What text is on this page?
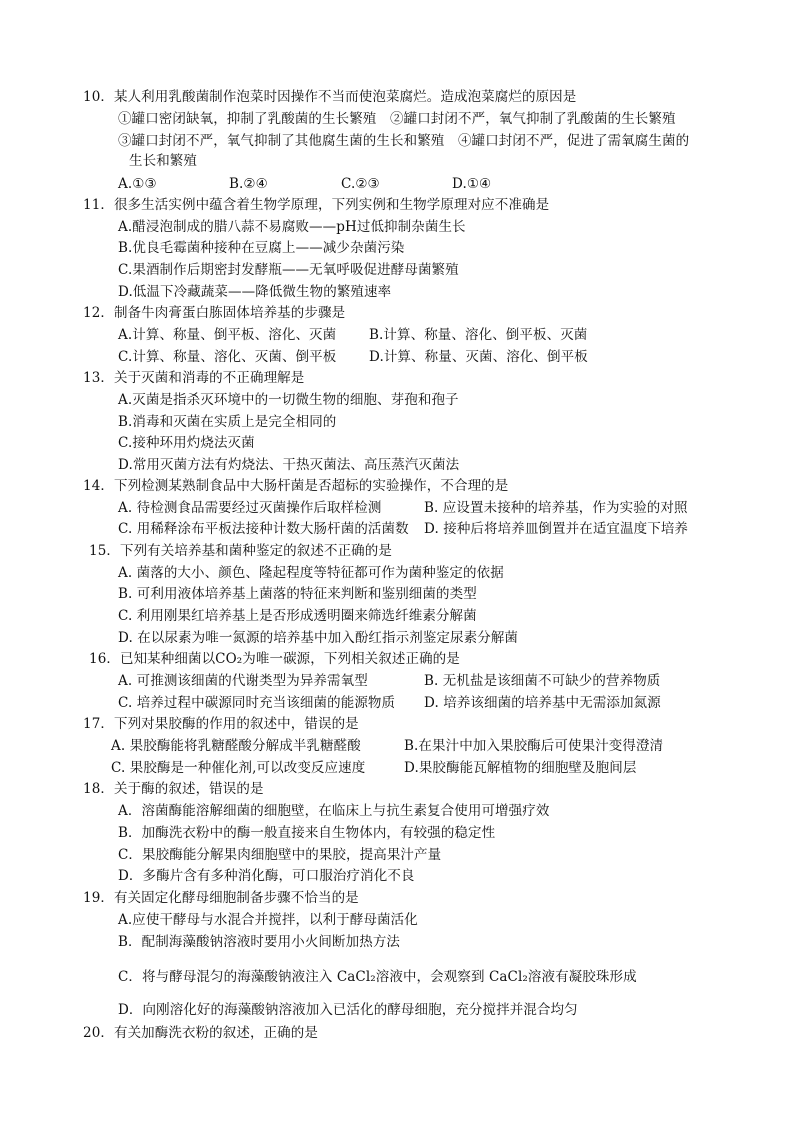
10．某人利用乳酸菌制作泡菜时因操作不当而使泡菜腐烂。造成泡菜腐烂的原因是
①罐口密闭缺氧，抑制了乳酸菌的生长繁殖　②罐口封闭不严，氧气抑制了乳酸菌的生长繁殖
③罐口封闭不严，氧气抑制了其他腐生菌的生长和繁殖　④罐口封闭不严，促进了需氧腐生菌的
生长和繁殖
A.①③	B.②④	C.②③	D.①④
11．很多生活实例中蕴含着生物学原理，下列实例和生物学原理对应不准确是
A.醋浸泡制成的腊八蒜不易腐败——pH过低抑制杂菌生长
B.优良毛霉菌种接种在豆腐上——减少杂菌污染
C.果酒制作后期密封发酵瓶——无氧呼吸促进酵母菌繁殖
D.低温下冷藏蔬菜——降低微生物的繁殖速率
12．制备牛肉膏蛋白胨固体培养基的步骤是
A.计算、称量、倒平板、溶化、灭菌 B.计算、称量、溶化、倒平板、灭菌
C.计算、称量、溶化、灭菌、倒平板 D.计算、称量、灭菌、溶化、倒平板
13．关于灭菌和消毒的不正确理解是
A.灭菌是指杀灭环境中的一切微生物的细胞、芽孢和孢子
B.消毒和灭菌在实质上是完全相同的
C.接种环用灼烧法灭菌
D.常用灭菌方法有灼烧法、干热灭菌法、高压蒸汽灭菌法
14．下列检测某熟制食品中大肠杆菌是否超标的实验操作，不合理的是
A. 待检测食品需要经过灭菌操作后取样检测	B. 应设置未接种的培养基，作为实验的对照
C. 用稀释涂布平板法接种计数大肠杆菌的活菌数 D. 接种后将培养皿倒置并在适宜温度下培养
15．下列有关培养基和菌种鉴定的叙述不正确的是
A. 菌落的大小、颜色、隆起程度等特征都可作为菌种鉴定的依据
B. 可利用液体培养基上菌落的特征来判断和鉴别细菌的类型
C. 利用刚果红培养基上是否形成透明圈来筛选纤维素分解菌
D. 在以尿素为唯一氮源的培养基中加入酚红指示剂鉴定尿素分解菌
16．已知某种细菌以CO₂为唯一碳源，下列相关叙述正确的是
A. 可推测该细菌的代谢类型为异养需氧型	B. 无机盐是该细菌不可缺少的营养物质
C. 培养过程中碳源同时充当该细菌的能源物质 D. 培养该细菌的培养基中无需添加氮源
17．下列对果胶酶的作用的叙述中，错误的是
A. 果胶酶能将乳糖醛酸分解成半乳糖醛酸	B.在果汁中加入果胶酶后可使果汁变得澄清
C. 果胶酶是一种催化剂,可以改变反应速度	D.果胶酶能瓦解植物的细胞壁及胞间层
18．关于酶的叙述，错误的是
A．溶菌酶能溶解细菌的细胞壁，在临床上与抗生素复合使用可增强疗效
B．加酶洗衣粉中的酶一般直接来自生物体内，有较强的稳定性
C．果胶酶能分解果肉细胞壁中的果胶，提高果汁产量
D．多酶片含有多种消化酶，可口服治疗消化不良
19．有关固定化酵母细胞制备步骤不恰当的是
A.应使干酵母与水混合并搅拌，以利于酵母菌活化
B．配制海藻酸钠溶液时要用小火间断加热方法
C．将与酵母混匀的海藻酸钠液注入 CaCl₂溶液中，会观察到 CaCl₂溶液有凝胶珠形成
D．向刚溶化好的海藻酸钠溶液加入已活化的酵母细胞，充分搅拌并混合均匀
20．有关加酶洗衣粉的叙述，正确的是
